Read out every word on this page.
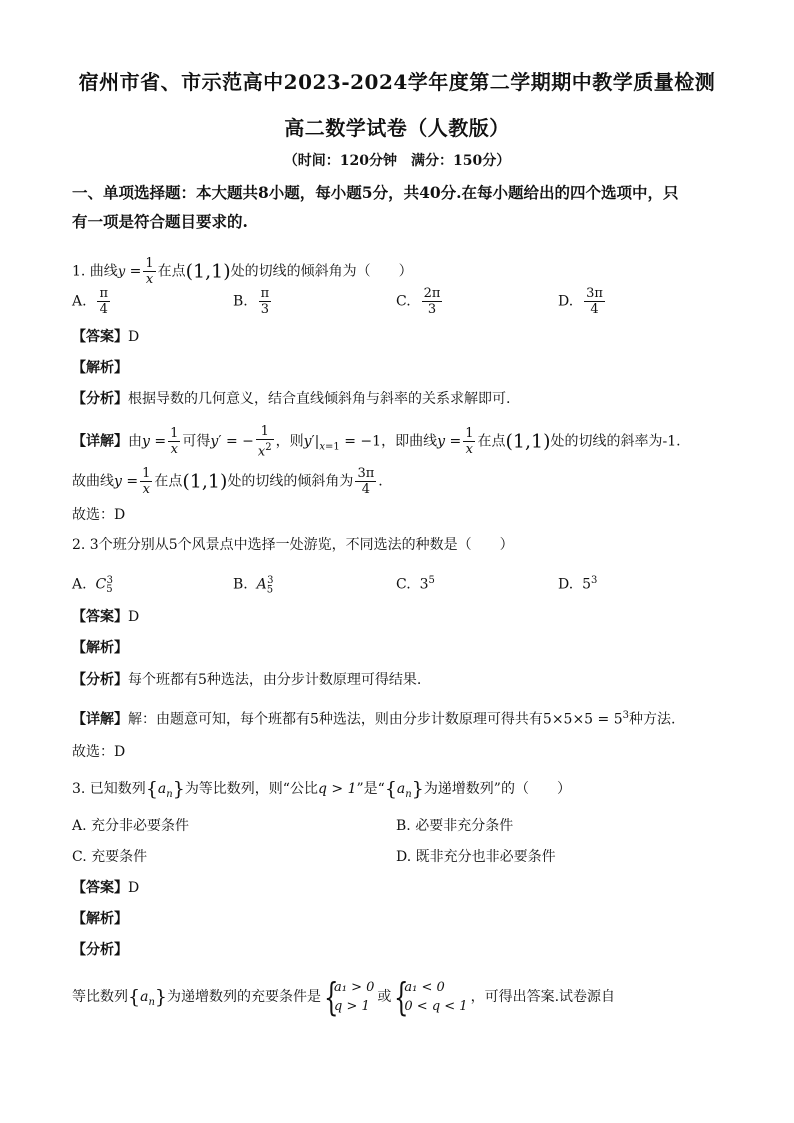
宿州市省、市示范高中2023-2024学年度第二学期期中教学质量检测
高二数学试卷（人教版）
（时间：120分钟　满分：150分）
一、单项选择题：本大题共8小题，每小题5分，共40分.在每小题给出的四个选项中，只
有一项是符合题目要求的.
1. 曲线$y = \frac{1}{x}$ 在点(1,1)处的切线的倾斜角为（　　）
A. $\frac{\pi}{4}$	B. $\frac{\pi}{3}$	C. $\frac{2\pi}{3}$	D. $\frac{3\pi}{4}$
【答案】D
【解析】
【分析】根据导数的几何意义，结合直线倾斜角与斜率的关系求解即可.
【详解】由$y = \frac{1}{x}$ 可得y′ = − $\frac{1}{x^2}$ ，则$y'|_{x=1} = -1$，即曲线$y = \frac{1}{x}$ 在点(1,1)处的切线的斜率为-1.
故曲线$y = \frac{1}{x}$ 在点(1,1)处的切线的倾斜角为 $\frac{3\pi}{4}$ .
故选：D
2. 3个班分别从5个风景点中选择一处游览，不同选法的种数是（　　）
A. $C_5^3$	B. $A_5^3$	C.  $3^5$	D.  $5^3$
【答案】D
【解析】
【分析】每个班都有5种选法，由分步计数原理可得结果.
【详解】解：由题意可知，每个班都有5种选法，则由分步计数原理可得共有$5\times 5\times 5 = 5^3$种方法.
故选：D
3. 已知数列$\{a_n\}$为等比数列，则“公比q > 1”是“$\{a_n\}$为递增数列”的（　　）
A. 充分非必要条件	B. 必要非充分条件
C. 充要条件	D. 既非充分也非必要条件
【答案】D
【解析】
【分析】
等比数列$\{a_n\}$为递增数列的充要条件是 {
a₁ > 0
q > 1
或 {
a₁ < 0
0 < q < 1
，可得出答案.试卷源自
